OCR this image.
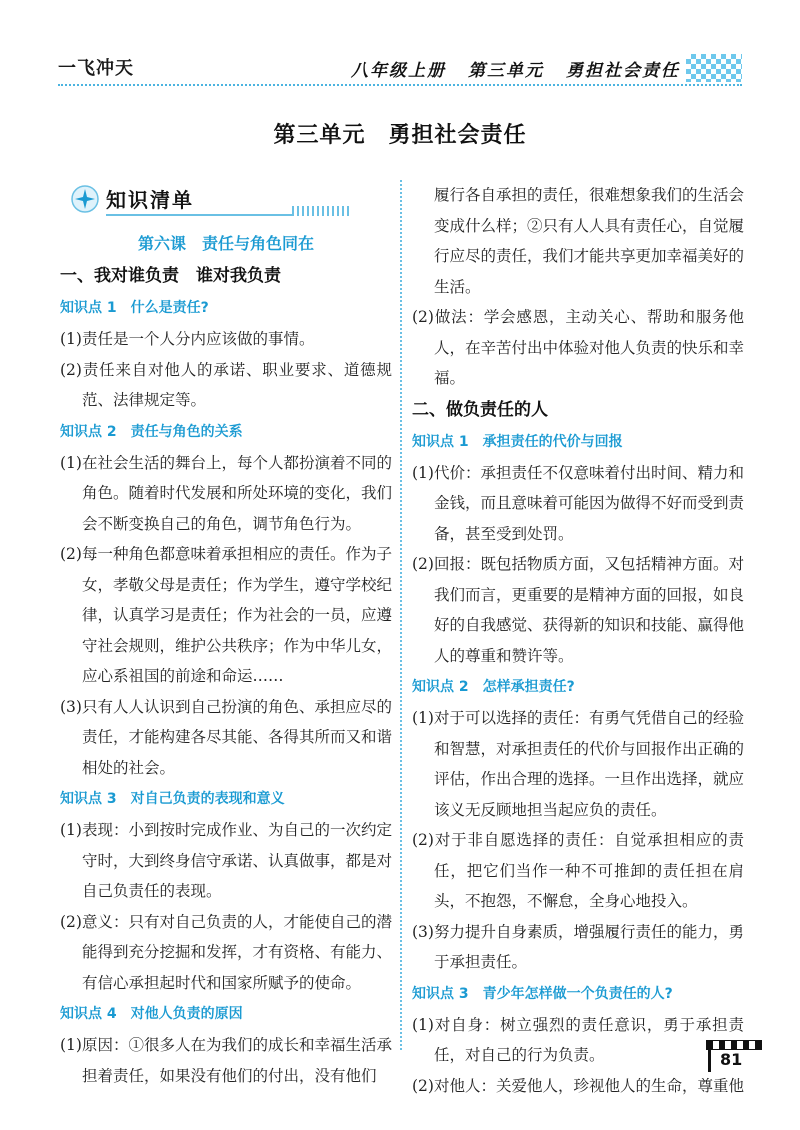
一飞冲天	八年级上册 第三单元 勇担社会责任
第三单元　勇担社会责任
知识清单
第六课　责任与角色同在
一、我对谁负责　谁对我负责
知识点 1 什么是责任?
(1)责任是一个人分内应该做的事情。
(2)责任来自对他人的承诺、职业要求、道德规范、法律规定等。
知识点 2 责任与角色的关系
(1)在社会生活的舞台上，每个人都扮演着不同的角色。随着时代发展和所处环境的变化，我们会不断变换自己的角色，调节角色行为。
(2)每一种角色都意味着承担相应的责任。作为子女，孝敬父母是责任；作为学生，遵守学校纪律，认真学习是责任；作为社会的一员，应遵守社会规则，维护公共秩序；作为中华儿女，应心系祖国的前途和命运……
(3)只有人人认识到自己扮演的角色、承担应尽的责任，才能构建各尽其能、各得其所而又和谐相处的社会。
知识点 3 对自己负责的表现和意义
(1)表现：小到按时完成作业、为自己的一次约定守时，大到终身信守承诺、认真做事，都是对自己负责任的表现。
(2)意义：只有对自己负责的人，才能使自己的潜能得到充分挖掘和发挥，才有资格、有能力、有信心承担起时代和国家所赋予的使命。
知识点 4 对他人负责的原因
(1)原因：①很多人在为我们的成长和幸福生活承担着责任，如果没有他们的付出，没有他们
履行各自承担的责任，很难想象我们的生活会变成什么样；②只有人人具有责任心，自觉履行应尽的责任，我们才能共享更加幸福美好的生活。
(2)做法：学会感恩，主动关心、帮助和服务他人，在辛苦付出中体验对他人负责的快乐和幸福。
二、做负责任的人
知识点 1 承担责任的代价与回报
(1)代价：承担责任不仅意味着付出时间、精力和金钱，而且意味着可能因为做得不好而受到责备，甚至受到处罚。
(2)回报：既包括物质方面，又包括精神方面。对我们而言，更重要的是精神方面的回报，如良好的自我感觉、获得新的知识和技能、赢得他人的尊重和赞许等。
知识点 2 怎样承担责任?
(1)对于可以选择的责任：有勇气凭借自己的经验和智慧，对承担责任的代价与回报作出正确的评估，作出合理的选择。一旦作出选择，就应该义无反顾地担当起应负的责任。
(2)对于非自愿选择的责任：自觉承担相应的责任，把它们当作一种不可推卸的责任担在肩头，不抱怨，不懈怠，全身心地投入。
(3)努力提升自身素质，增强履行责任的能力，勇于承担责任。
知识点 3 青少年怎样做一个负责任的人?
(1)对自身：树立强烈的责任意识，勇于承担责任，对自己的行为负责。
(2)对他人：关爱他人，珍视他人的生命，尊重他
81
